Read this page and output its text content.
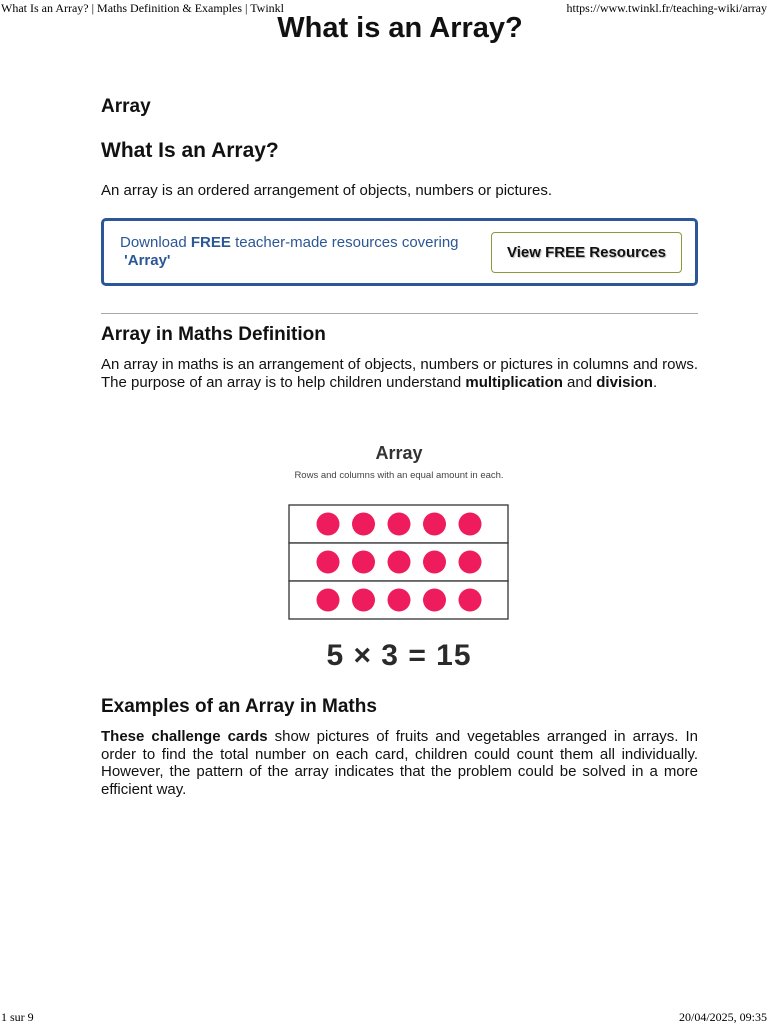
What Is an Array? | Maths Definition & Examples | Twinkl	https://www.twinkl.fr/teaching-wiki/array
What is an Array?
Array
What Is an Array?

An array is an ordered arrangement of objects, numbers or pictures.

Download FREE teacher-made resources covering
'Array'	View FREE Resources
Array in Maths Definition

An array in maths is an arrangement of objects, numbers or pictures in columns and rows. The purpose of an array is to help children understand multiplication and division.

Array
Rows and columns with an equal amount in each.
5 × 3 = 15
Examples of an Array in Maths

These challenge cards show pictures of fruits and vegetables arranged in arrays. In order to find the total number on each card, children could count them all individually. However, the pattern of the array indicates that the problem could be solved in a more efficient way.

1 sur 9	20/04/2025, 09:35
